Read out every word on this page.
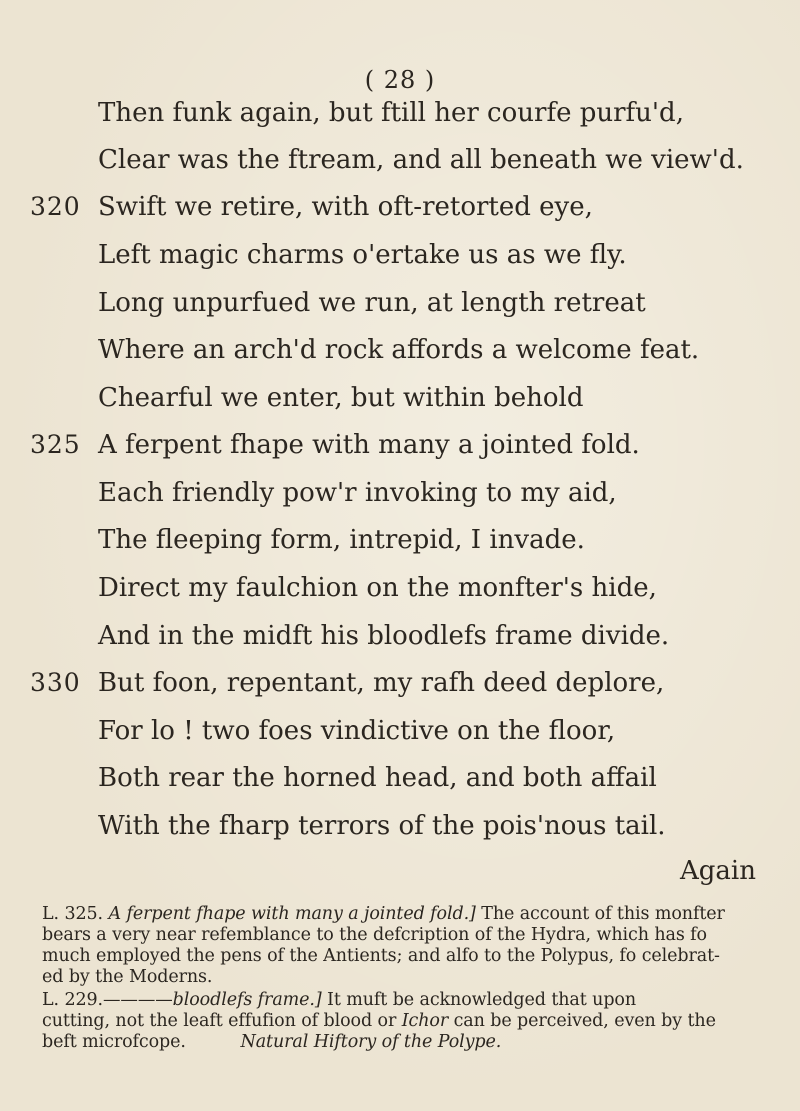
( 28 )
Then funk again, but ftill her courfe purfu'd,
Clear was the ftream, and all beneath we view'd.
320 Swift we retire, with oft-retorted eye,
Left magic charms o'ertake us as we fly.
Long unpurfued we run, at length retreat
Where an arch'd rock affords a welcome feat.
Chearful we enter, but within behold
325 A ferpent fhape with many a jointed fold.
Each friendly pow'r invoking to my aid,
The fleeping form, intrepid, I invade.
Direct my faulchion on the monfter's hide,
And in the midft his bloodlefs frame divide.
330 But foon, repentant, my rafh deed deplore,
For lo ! two foes vindictive on the floor,
Both rear the horned head, and both affail
With the fharp terrors of the pois'nous tail.
Again
L. 325. A ferpent fhape with many a jointed fold.] The account of this monfter
bears a very near refemblance to the defcription of the Hydra, which has fo
much employed the pens of the Antients; and alfo to the Polypus, fo celebrat-
ed by the Moderns.
L. 229.————bloodlefs frame.] It muft be acknowledged that upon
cutting, not the leaft effufion of blood or Ichor can be perceived, even by the
beft microfcope.	Natural Hiftory of the Polype.
